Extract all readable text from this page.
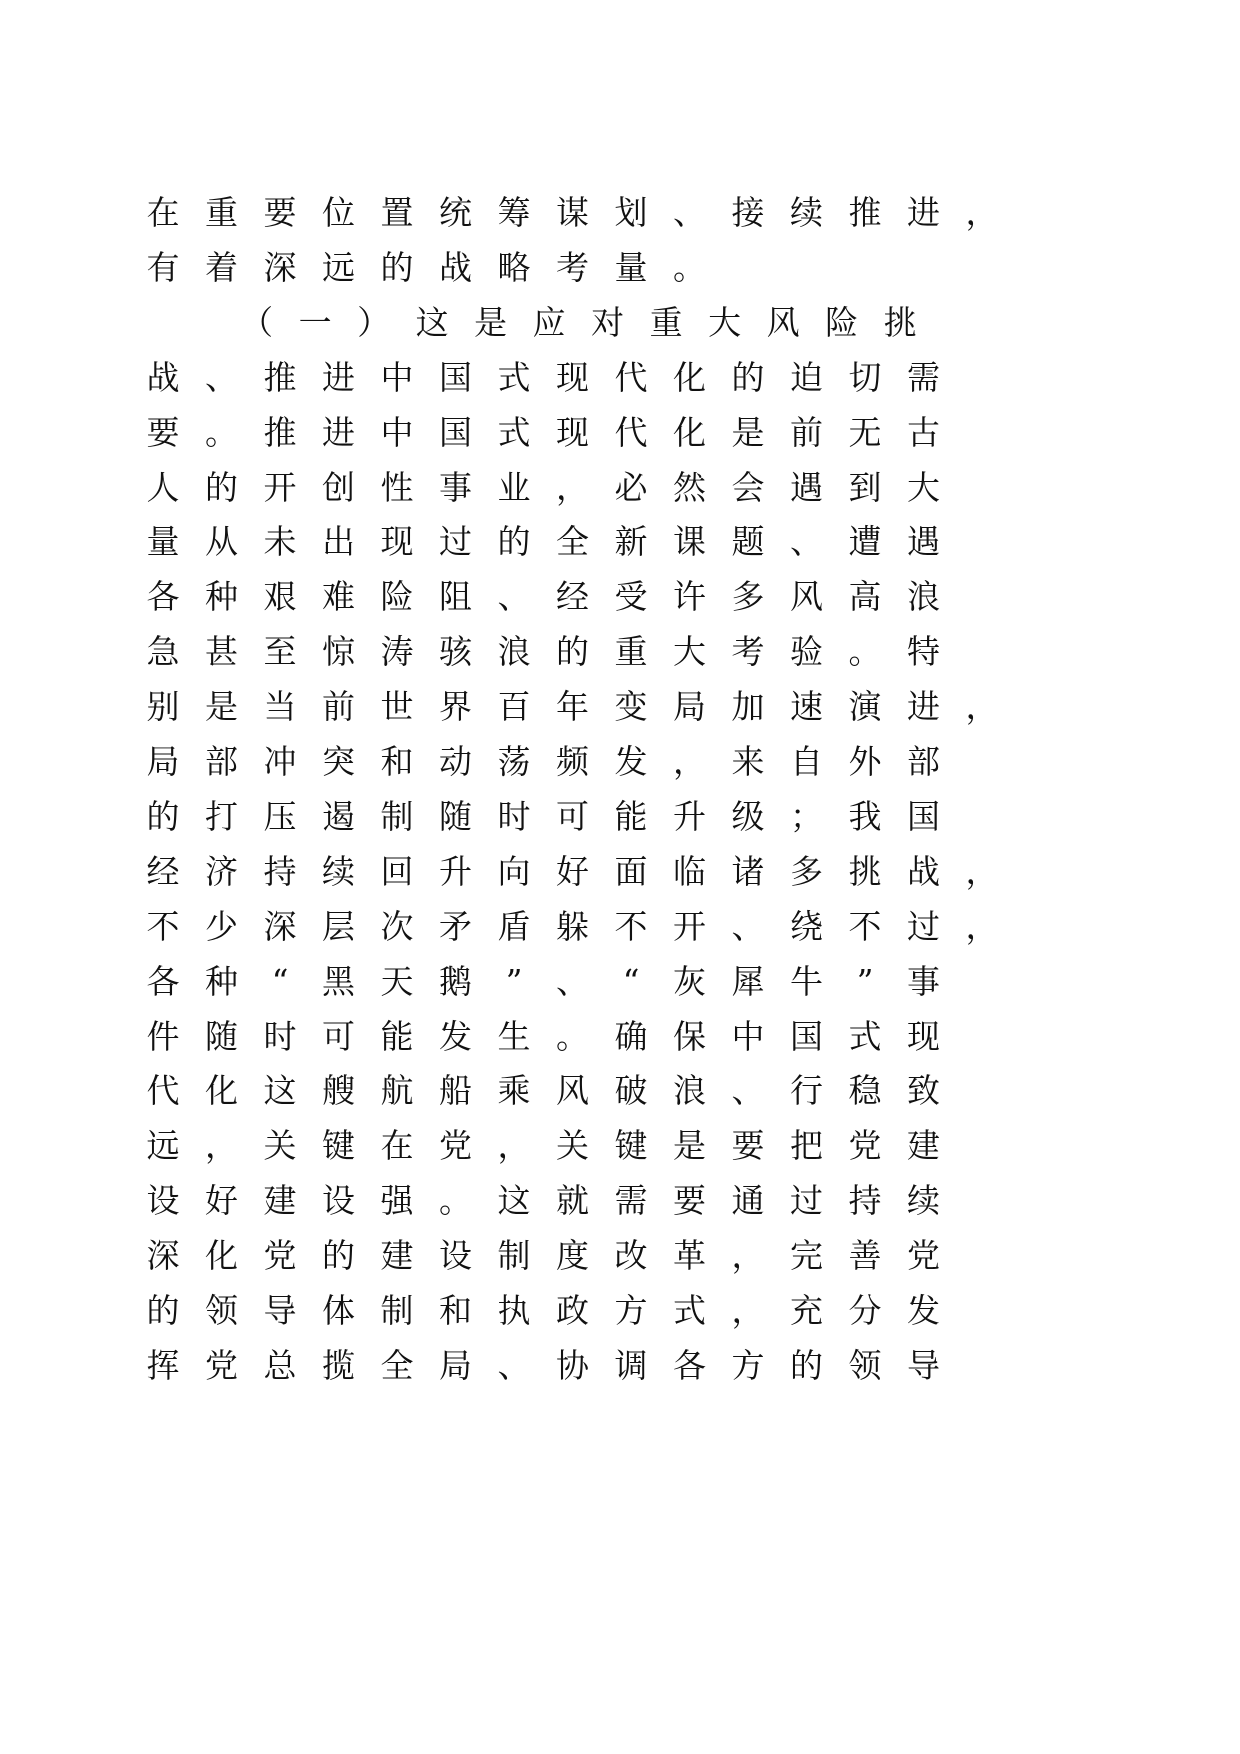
在 重 要 位 置 统 筹 谋 划 、 接 续 推 进 ，
有 着 深 远 的 战 略 考 量 。
（ 一 ） 这 是 应 对 重 大 风 险 挑
战 、 推 进 中 国 式 现 代 化 的 迫 切 需
要 。 推 进 中 国 式 现 代 化 是 前 无 古
人 的 开 创 性 事 业 ， 必 然 会 遇 到 大
量 从 未 出 现 过 的 全 新 课 题 、 遭 遇
各 种 艰 难 险 阻 、 经 受 许 多 风 高 浪
急 甚 至 惊 涛 骇 浪 的 重 大 考 验 。 特
别 是 当 前 世 界 百 年 变 局 加 速 演 进 ，
局 部 冲 突 和 动 荡 频 发 ， 来 自 外 部
的 打 压 遏 制 随 时 可 能 升 级 ； 我 国
经 济 持 续 回 升 向 好 面 临 诸 多 挑 战 ，
不 少 深 层 次 矛 盾 躲 不 开 、 绕 不 过 ，
各 种	“	黑 天 鹅	”	、	“	灰 犀 牛	”	事
件 随 时 可 能 发 生 。 确 保 中 国 式 现
代 化 这 艘 航 船 乘 风 破 浪 、 行 稳 致
远 ， 关 键 在 党 ， 关 键 是 要 把 党 建
设 好 建 设 强 。 这 就 需 要 通 过 持 续
深 化 党 的 建 设 制 度 改 革 ， 完 善 党
的 领 导 体 制 和 执 政 方 式 ， 充 分 发
挥 党 总 揽 全 局 、 协 调 各 方 的 领 导
